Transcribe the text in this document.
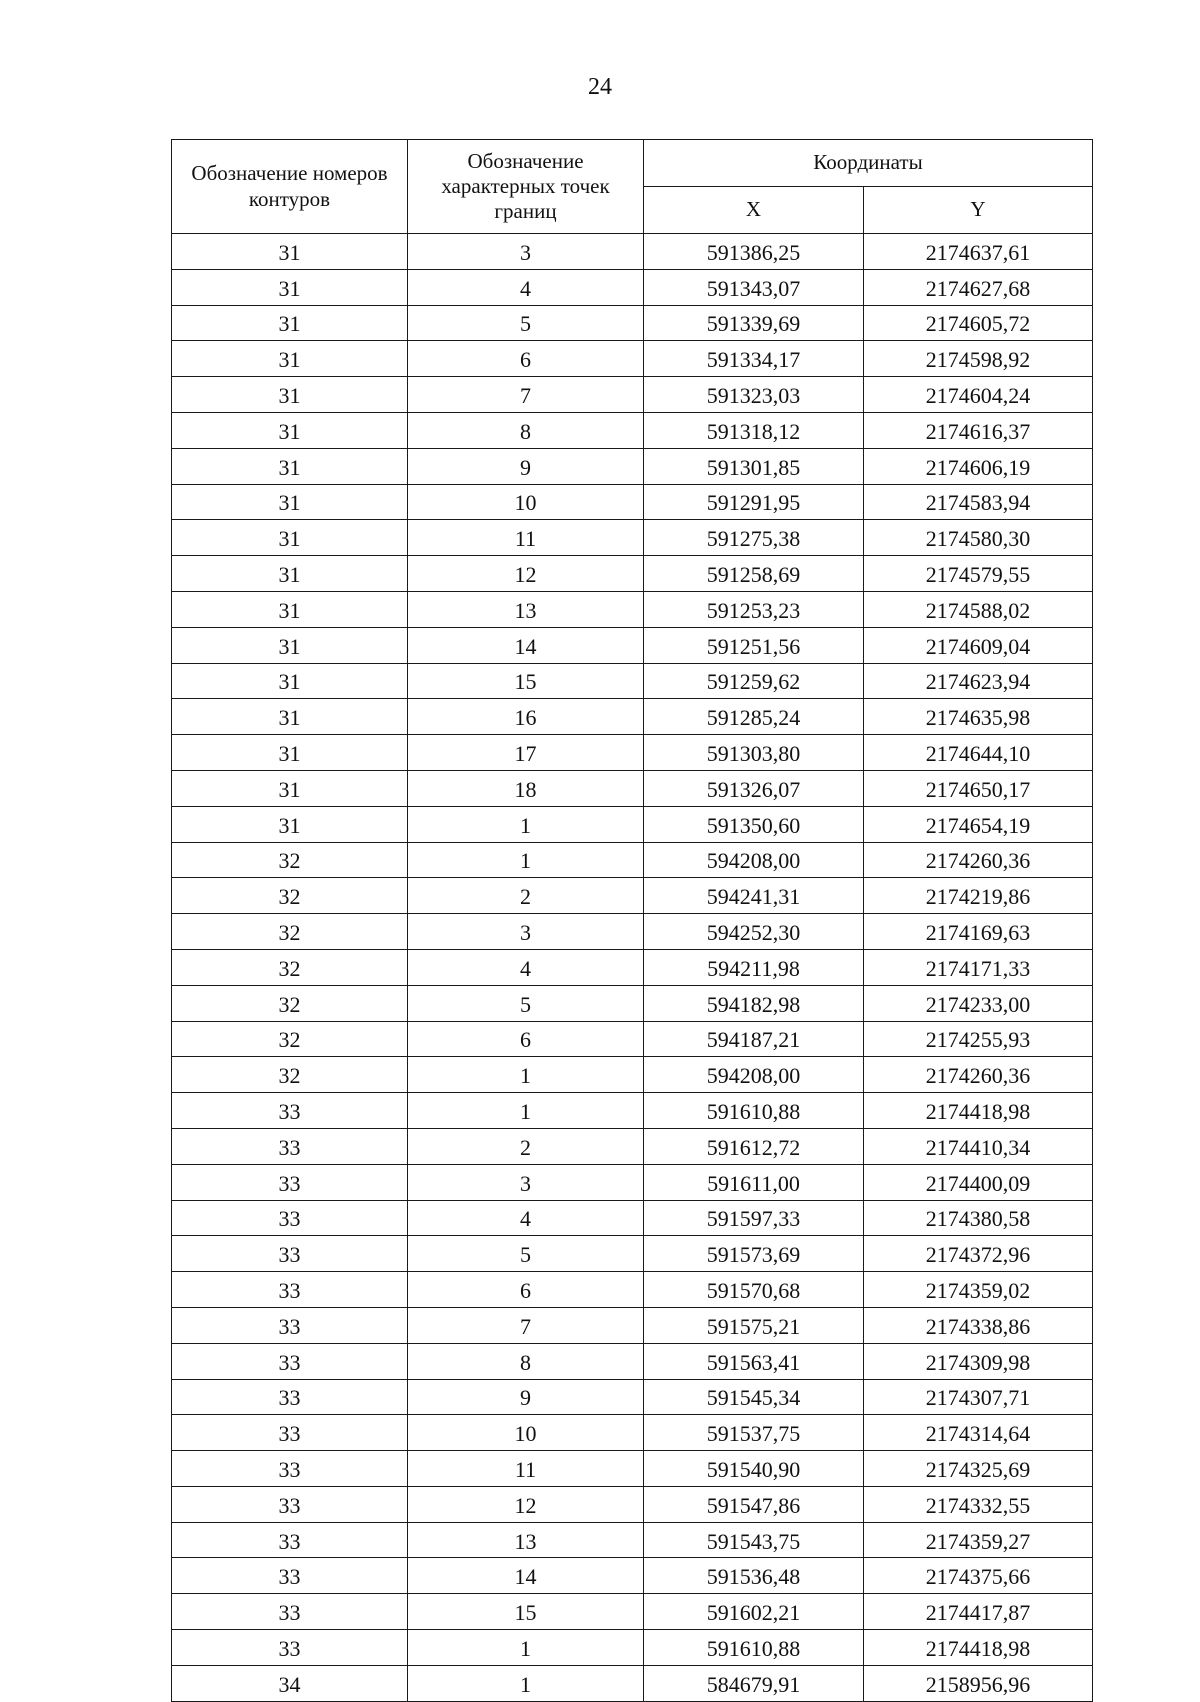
24
Обозначение номеров контуров	Обозначение характерных точек границ	Координаты	
		X	Y
31	3	591386,25	2174637,61
31	4	591343,07	2174627,68
31	5	591339,69	2174605,72
31	6	591334,17	2174598,92
31	7	591323,03	2174604,24
31	8	591318,12	2174616,37
31	9	591301,85	2174606,19
31	10	591291,95	2174583,94
31	11	591275,38	2174580,30
31	12	591258,69	2174579,55
31	13	591253,23	2174588,02
31	14	591251,56	2174609,04
31	15	591259,62	2174623,94
31	16	591285,24	2174635,98
31	17	591303,80	2174644,10
31	18	591326,07	2174650,17
31	1	591350,60	2174654,19
32	1	594208,00	2174260,36
32	2	594241,31	2174219,86
32	3	594252,30	2174169,63
32	4	594211,98	2174171,33
32	5	594182,98	2174233,00
32	6	594187,21	2174255,93
32	1	594208,00	2174260,36
33	1	591610,88	2174418,98
33	2	591612,72	2174410,34
33	3	591611,00	2174400,09
33	4	591597,33	2174380,58
33	5	591573,69	2174372,96
33	6	591570,68	2174359,02
33	7	591575,21	2174338,86
33	8	591563,41	2174309,98
33	9	591545,34	2174307,71
33	10	591537,75	2174314,64
33	11	591540,90	2174325,69
33	12	591547,86	2174332,55
33	13	591543,75	2174359,27
33	14	591536,48	2174375,66
33	15	591602,21	2174417,87
33	1	591610,88	2174418,98
34	1	584679,91	2158956,96
